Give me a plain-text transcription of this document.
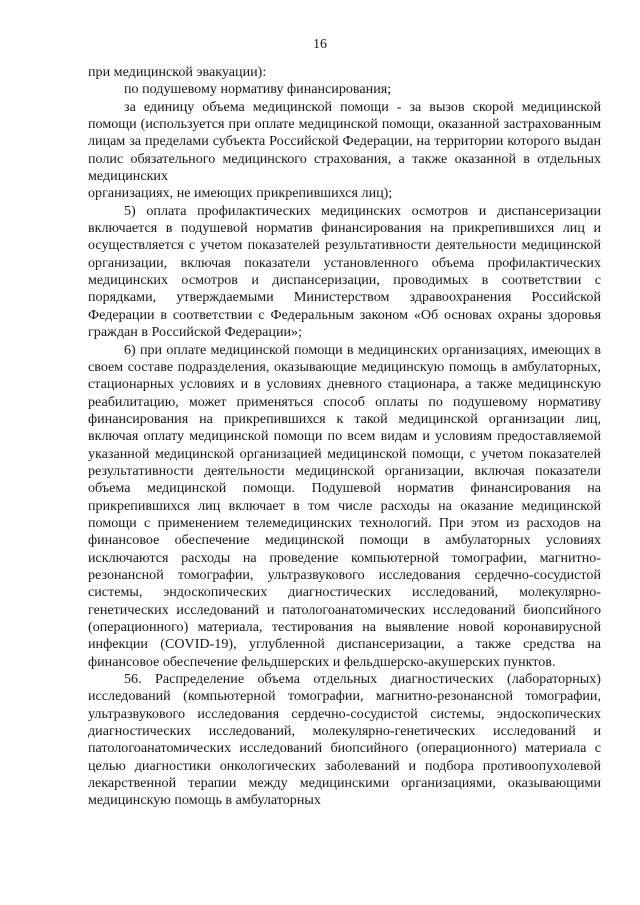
16

при медицинской эвакуации):

по подушевому нормативу финансирования;

за единицу объема медицинской помощи - за вызов скорой медицинской помощи (используется при оплате медицинской помощи, оказанной застрахованным лицам за пределами субъекта Российской Федерации, на территории которого выдан полис обязательного медицинского страхования, а также оказанной в отдельных медицинских

организациях, не имеющих прикрепившихся лиц);

5) оплата профилактических медицинских осмотров и диспансеризации включается в подушевой норматив финансирования на прикрепившихся лиц и осуществляется с учетом показателей результативности деятельности медицинской организации, включая показатели установленного объема профилактических медицинских осмотров и диспансеризации, проводимых в соответствии с порядками, утверждаемыми Министерством здравоохранения Российской Федерации в соответствии с Федеральным законом «Об основах охраны здоровья граждан в Российской Федерации»;

6) при оплате медицинской помощи в медицинских организациях, имеющих в своем составе подразделения, оказывающие медицинскую помощь в амбулаторных, стационарных условиях и в условиях дневного стационара, а также медицинскую реабилитацию, может применяться способ оплаты по подушевому нормативу финансирования на прикрепившихся к такой медицинской организации лиц, включая оплату медицинской помощи по всем видам и условиям предоставляемой указанной медицинской организацией медицинской помощи, с учетом показателей результативности деятельности медицинской организации, включая показатели объема медицинской помощи. Подушевой норматив финансирования на прикрепившихся лиц включает в том числе расходы на оказание медицинской помощи с применением телемедицинских технологий. При этом из расходов на финансовое обеспечение медицинской помощи в амбулаторных условиях исключаются расходы на проведение компьютерной томографии, магнитно-резонансной томографии, ультразвукового исследования сердечно-сосудистой системы, эндоскопических диагностических исследований, молекулярно-генетических исследований и патологоанатомических исследований биопсийного (операционного) материала, тестирования на выявление новой коронавирусной инфекции (COVID-19), углубленной диспансеризации, а также средства на финансовое обеспечение фельдшерских и фельдшерско-акушерских пунктов.

56. Распределение объема отдельных диагностических (лабораторных) исследований (компьютерной томографии, магнитно-резонансной томографии, ультразвукового исследования сердечно-сосудистой системы, эндоскопических диагностических исследований, молекулярно-генетических исследований и патологоанатомических исследований биопсийного (операционного) материала с целью диагностики онкологических заболеваний и подбора противоопухолевой лекарственной терапии между медицинскими организациями, оказывающими медицинскую помощь в амбулаторных
